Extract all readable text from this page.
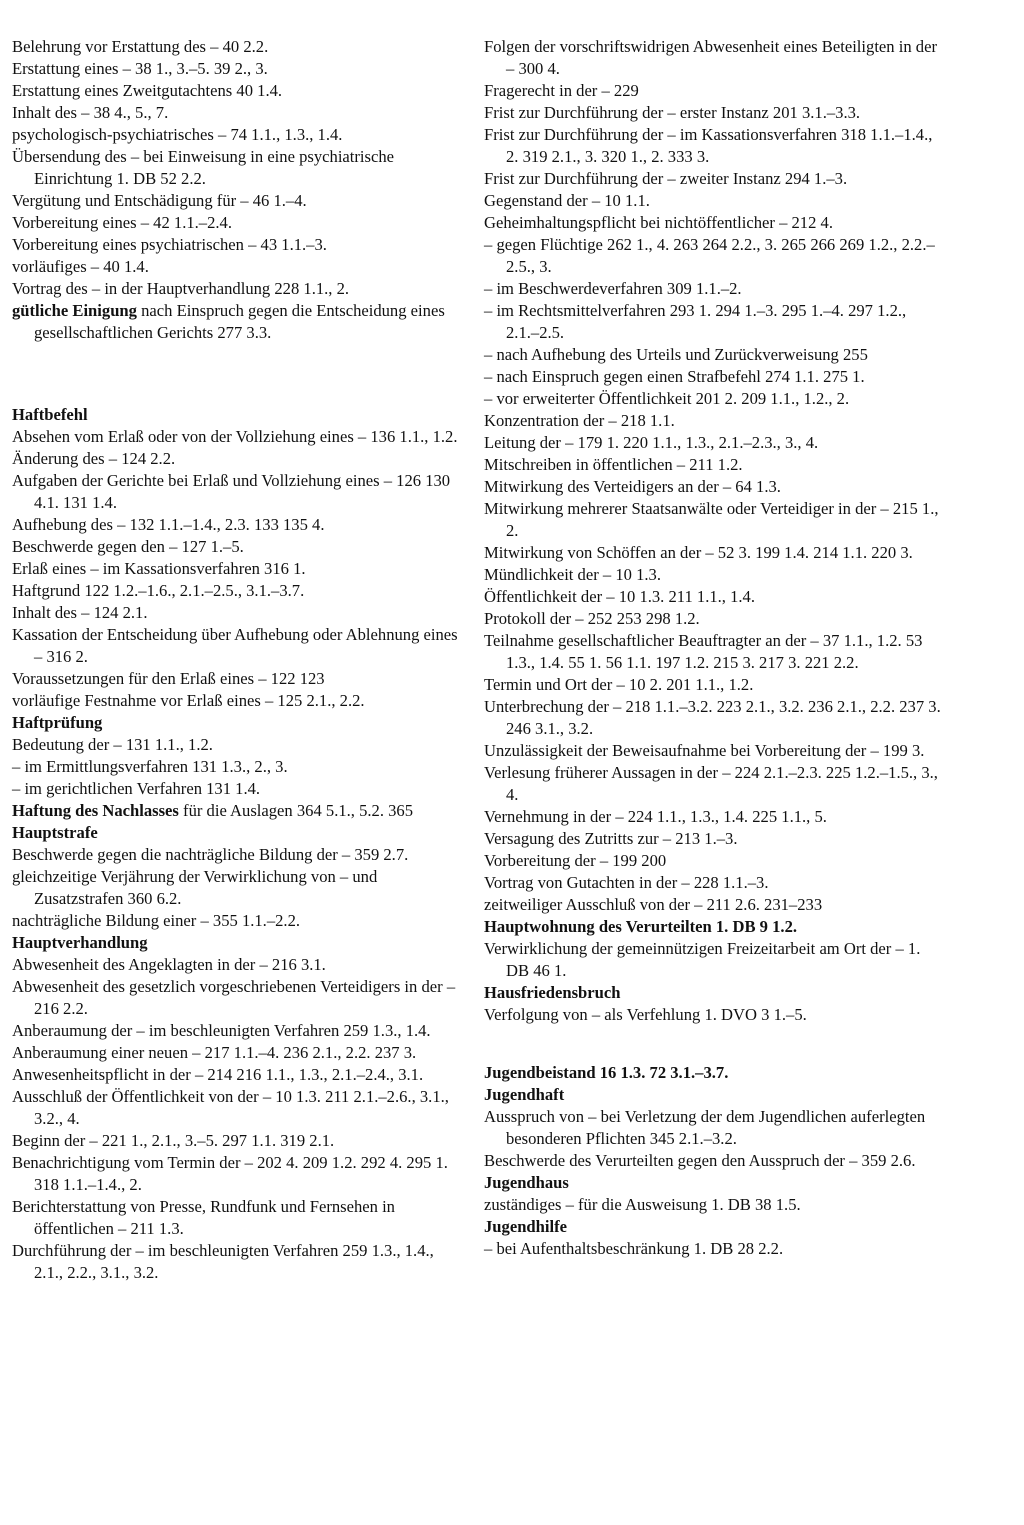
Belehrung vor Erstattung des – 40 2.2.

Erstattung eines – 38 1., 3.–5. 39 2., 3.

Erstattung eines Zweitgutachtens 40 1.4.

Inhalt des – 38 4., 5., 7.

psychologisch-psychiatrisches – 74 1.1., 1.3., 1.4.

Übersendung des – bei Einweisung in eine psychiatrische Einrichtung 1. DB 52 2.2.

Vergütung und Entschädigung für – 46 1.–4.

Vorbereitung eines – 42 1.1.–2.4.

Vorbereitung eines psychiatrischen – 43 1.1.–3.

vorläufiges – 40 1.4.

Vortrag des – in der Hauptverhandlung 228 1.1., 2.

gütliche Einigung nach Einspruch gegen die Entscheidung eines gesellschaftlichen Gerichts 277 3.3.

Haftbefehl

Absehen vom Erlaß oder von der Vollziehung eines – 136 1.1., 1.2.

Änderung des – 124 2.2.

Aufgaben der Gerichte bei Erlaß und Vollziehung eines – 126 130 4.1. 131 1.4.

Aufhebung des – 132 1.1.–1.4., 2.3. 133 135 4.

Beschwerde gegen den – 127 1.–5.

Erlaß eines – im Kassationsverfahren 316 1.

Haftgrund 122 1.2.–1.6., 2.1.–2.5., 3.1.–3.7.

Inhalt des – 124 2.1.

Kassation der Entscheidung über Aufhebung oder Ablehnung eines – 316 2.

Voraussetzungen für den Erlaß eines – 122 123

vorläufige Festnahme vor Erlaß eines – 125 2.1., 2.2.

Haftprüfung

Bedeutung der – 131 1.1., 1.2.

– im Ermittlungsverfahren 131 1.3., 2., 3.

– im gerichtlichen Verfahren 131 1.4.

Haftung des Nachlasses für die Auslagen 364 5.1., 5.2. 365

Hauptstrafe

Beschwerde gegen die nachträgliche Bildung der – 359 2.7.

gleichzeitige Verjährung der Verwirklichung von – und Zusatzstrafen 360 6.2.

nachträgliche Bildung einer – 355 1.1.–2.2.

Hauptverhandlung

Abwesenheit des Angeklagten in der – 216 3.1.

Abwesenheit des gesetzlich vorgeschriebenen Verteidigers in der – 216 2.2.

Anberaumung der – im beschleunigten Verfahren 259 1.3., 1.4.

Anberaumung einer neuen – 217 1.1.–4. 236 2.1., 2.2. 237 3.

Anwesenheitspflicht in der – 214 216 1.1., 1.3., 2.1.–2.4., 3.1.

Ausschluß der Öffentlichkeit von der – 10 1.3. 211 2.1.–2.6., 3.1., 3.2., 4.

Beginn der – 221 1., 2.1., 3.–5. 297 1.1. 319 2.1.

Benachrichtigung vom Termin der – 202 4. 209 1.2. 292 4. 295 1. 318 1.1.–1.4., 2.

Berichterstattung von Presse, Rundfunk und Fernsehen in öffentlichen – 211 1.3.

Durchführung der – im beschleunigten Verfahren 259 1.3., 1.4., 2.1., 2.2., 3.1., 3.2.

Folgen der vorschriftswidrigen Abwesenheit eines Beteiligten in der – 300 4.

Fragerecht in der – 229

Frist zur Durchführung der – erster Instanz 201 3.1.–3.3.

Frist zur Durchführung der – im Kassationsverfahren 318 1.1.–1.4., 2. 319 2.1., 3. 320 1., 2. 333 3.

Frist zur Durchführung der – zweiter Instanz 294 1.–3.

Gegenstand der – 10 1.1.

Geheimhaltungspflicht bei nichtöffentlicher – 212 4.

– gegen Flüchtige 262 1., 4. 263 264 2.2., 3. 265 266 269 1.2., 2.2.–2.5., 3.

– im Beschwerdeverfahren 309 1.1.–2.

– im Rechtsmittelverfahren 293 1. 294 1.–3. 295 1.–4. 297 1.2., 2.1.–2.5.

– nach Aufhebung des Urteils und Zurückverweisung 255

– nach Einspruch gegen einen Strafbefehl 274 1.1. 275 1.

– vor erweiterter Öffentlichkeit 201 2. 209 1.1., 1.2., 2.

Konzentration der – 218 1.1.

Leitung der – 179 1. 220 1.1., 1.3., 2.1.–2.3., 3., 4.

Mitschreiben in öffentlichen – 211 1.2.

Mitwirkung des Verteidigers an der – 64 1.3.

Mitwirkung mehrerer Staatsanwälte oder Verteidiger in der – 215 1., 2.

Mitwirkung von Schöffen an der – 52 3. 199 1.4. 214 1.1. 220 3.

Mündlichkeit der – 10 1.3.

Öffentlichkeit der – 10 1.3. 211 1.1., 1.4.

Protokoll der – 252 253 298 1.2.

Teilnahme gesellschaftlicher Beauftragter an der – 37 1.1., 1.2. 53 1.3., 1.4. 55 1. 56 1.1. 197 1.2. 215 3. 217 3. 221 2.2.

Termin und Ort der – 10 2. 201 1.1., 1.2.

Unterbrechung der – 218 1.1.–3.2. 223 2.1., 3.2. 236 2.1., 2.2. 237 3. 246 3.1., 3.2.

Unzulässigkeit der Beweisaufnahme bei Vorbereitung der – 199 3.

Verlesung früherer Aussagen in der – 224 2.1.–2.3. 225 1.2.–1.5., 3., 4.

Vernehmung in der – 224 1.1., 1.3., 1.4. 225 1.1., 5.

Versagung des Zutritts zur – 213 1.–3.

Vorbereitung der – 199 200

Vortrag von Gutachten in der – 228 1.1.–3.

zeitweiliger Ausschluß von der – 211 2.6. 231–233

Hauptwohnung des Verurteilten 1. DB 9 1.2.

Verwirklichung der gemeinnützigen Freizeitarbeit am Ort der – 1. DB 46 1.

Hausfriedensbruch

Verfolgung von – als Verfehlung 1. DVO 3 1.–5.

Jugendbeistand 16 1.3. 72 3.1.–3.7.

Jugendhaft

Ausspruch von – bei Verletzung der dem Jugendlichen auferlegten besonderen Pflichten 345 2.1.–3.2.

Beschwerde des Verurteilten gegen den Ausspruch der – 359 2.6.

Jugendhaus

zuständiges – für die Ausweisung 1. DB 38 1.5.

Jugendhilfe

– bei Aufenthaltsbeschränkung 1. DB 28 2.2.
